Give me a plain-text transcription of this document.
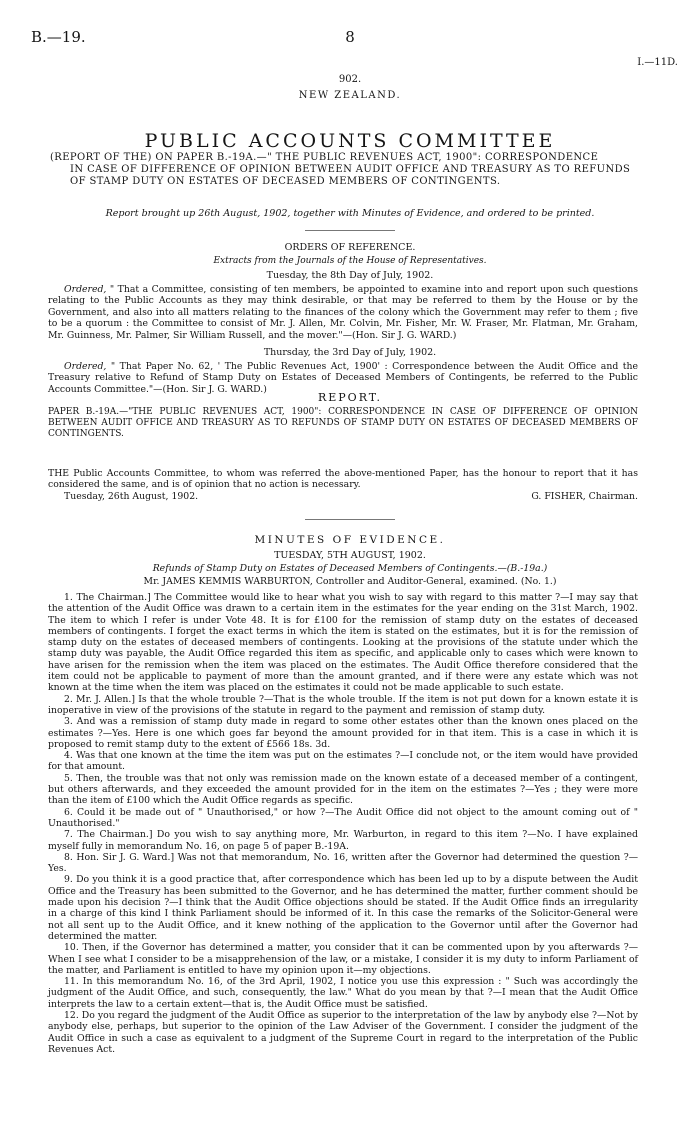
B.—19.	8
I.—11D.
902.
NEW ZEALAND.
PUBLIC ACCOUNTS COMMITTEE
(REPORT OF THE) ON PAPER B.-19A.—" THE PUBLIC REVENUES ACT, 1900": CORRESPONDENCE
IN CASE OF DIFFERENCE OF OPINION BETWEEN AUDIT OFFICE AND TREASURY AS TO REFUNDS
OF STAMP DUTY ON ESTATES OF DECEASED MEMBERS OF CONTINGENTS.
Report brought up 26th August, 1902, together with Minutes of Evidence, and ordered to be printed.
ORDERS OF REFERENCE.
Extracts from the Journals of the House of Representatives.
Tuesday, the 8th Day of July, 1902.
Ordered, " That a Committee, consisting of ten members, be appointed to examine into and report upon such questions relating to the Public Accounts as they may think desirable, or that may be referred to them by the House or by the Government, and also into all matters relating to the finances of the colony which the Government may refer to them ; five to be a quorum : the Committee to consist of Mr. J. Allen, Mr. Colvin, Mr. Fisher, Mr. W. Fraser, Mr. Flatman, Mr. Graham, Mr. Guinness, Mr. Palmer, Sir William Russell, and the mover."—(Hon. Sir J. G. WARD.)
Thursday, the 3rd Day of July, 1902.
Ordered, " That Paper No. 62, ' The Public Revenues Act, 1900' : Correspondence between the Audit Office and the Treasury relative to Refund of Stamp Duty on Estates of Deceased Members of Contingents, be referred to the Public Accounts Committee."—(Hon. Sir J. G. WARD.)
REPORT.
PAPER B.-19A.—"THE PUBLIC REVENUES ACT, 1900": CORRESPONDENCE IN CASE OF DIFFERENCE OF OPINION BETWEEN AUDIT OFFICE AND TREASURY AS TO REFUNDS OF STAMP DUTY ON ESTATES OF DECEASED MEMBERS OF CONTINGENTS.
THE Public Accounts Committee, to whom was referred the above-mentioned Paper, has the honour to report that it has considered the same, and is of opinion that no action is necessary.
Tuesday, 26th August, 1902.	G. FISHER, Chairman.
MINUTES OF EVIDENCE.
TUESDAY, 5TH AUGUST, 1902.
Refunds of Stamp Duty on Estates of Deceased Members of Contingents.—(B.-19a.)
Mr. JAMES KEMMIS WARBURTON, Controller and Auditor-General, examined. (No. 1.)

1. The Chairman.] The Committee would like to hear what you wish to say with regard to this matter ?—I may say that the attention of the Audit Office was drawn to a certain item in the estimates for the year ending on the 31st March, 1902. The item to which I refer is under Vote 48. It is for £100 for the remission of stamp duty on the estates of deceased members of contingents. I forget the exact terms in which the item is stated on the estimates, but it is for the remission of stamp duty on the estates of deceased members of contingents. Looking at the provisions of the statute under which the stamp duty was payable, the Audit Office regarded this item as specific, and applicable only to cases which were known to have arisen for the remission when the item was placed on the estimates. The Audit Office therefore considered that the item could not be applicable to payment of more than the amount granted, and if there were any estate which was not known at the time when the item was placed on the estimates it could not be made applicable to such estate.

2. Mr. J. Allen.] Is that the whole trouble ?—That is the whole trouble. If the item is not put down for a known estate it is inoperative in view of the provisions of the statute in regard to the payment and remission of stamp duty.

3. And was a remission of stamp duty made in regard to some other estates other than the known ones placed on the estimates ?—Yes. Here is one which goes far beyond the amount provided for in that item. This is a case in which it is proposed to remit stamp duty to the extent of £566 18s. 3d.

4. Was that one known at the time the item was put on the estimates ?—I conclude not, or the item would have provided for that amount.

5. Then, the trouble was that not only was remission made on the known estate of a deceased member of a contingent, but others afterwards, and they exceeded the amount provided for in the item on the estimates ?—Yes ; they were more than the item of £100 which the Audit Office regards as specific.

6. Could it be made out of " Unauthorised," or how ?—The Audit Office did not object to the amount coming out of " Unauthorised."

7. The Chairman.] Do you wish to say anything more, Mr. Warburton, in regard to this item ?—No. I have explained myself fully in memorandum No. 16, on page 5 of paper B.-19A.

8. Hon. Sir J. G. Ward.] Was not that memorandum, No. 16, written after the Governor had determined the question ?—Yes.

9. Do you think it is a good practice that, after correspondence which has been led up to by a dispute between the Audit Office and the Treasury has been submitted to the Governor, and he has determined the matter, further comment should be made upon his decision ?—I think that the Audit Office objections should be stated. If the Audit Office finds an irregularity in a charge of this kind I think Parliament should be informed of it. In this case the remarks of the Solicitor-General were not all sent up to the Audit Office, and it knew nothing of the application to the Governor until after the Governor had determined the matter.

10. Then, if the Governor has determined a matter, you consider that it can be commented upon by you afterwards ?—When I see what I consider to be a misapprehension of the law, or a mistake, I consider it is my duty to inform Parliament of the matter, and Parliament is entitled to have my opinion upon it—my objections.

11. In this memorandum No. 16, of the 3rd April, 1902, I notice you use this expression : " Such was accordingly the judgment of the Audit Office, and such, consequently, the law." What do you mean by that ?—I mean that the Audit Office interprets the law to a certain extent—that is, the Audit Office must be satisfied.

12. Do you regard the judgment of the Audit Office as superior to the interpretation of the law by anybody else ?—Not by anybody else, perhaps, but superior to the opinion of the Law Adviser of the Government. I consider the judgment of the Audit Office in such a case as equivalent to a judgment of the Supreme Court in regard to the interpretation of the Public Revenues Act.
